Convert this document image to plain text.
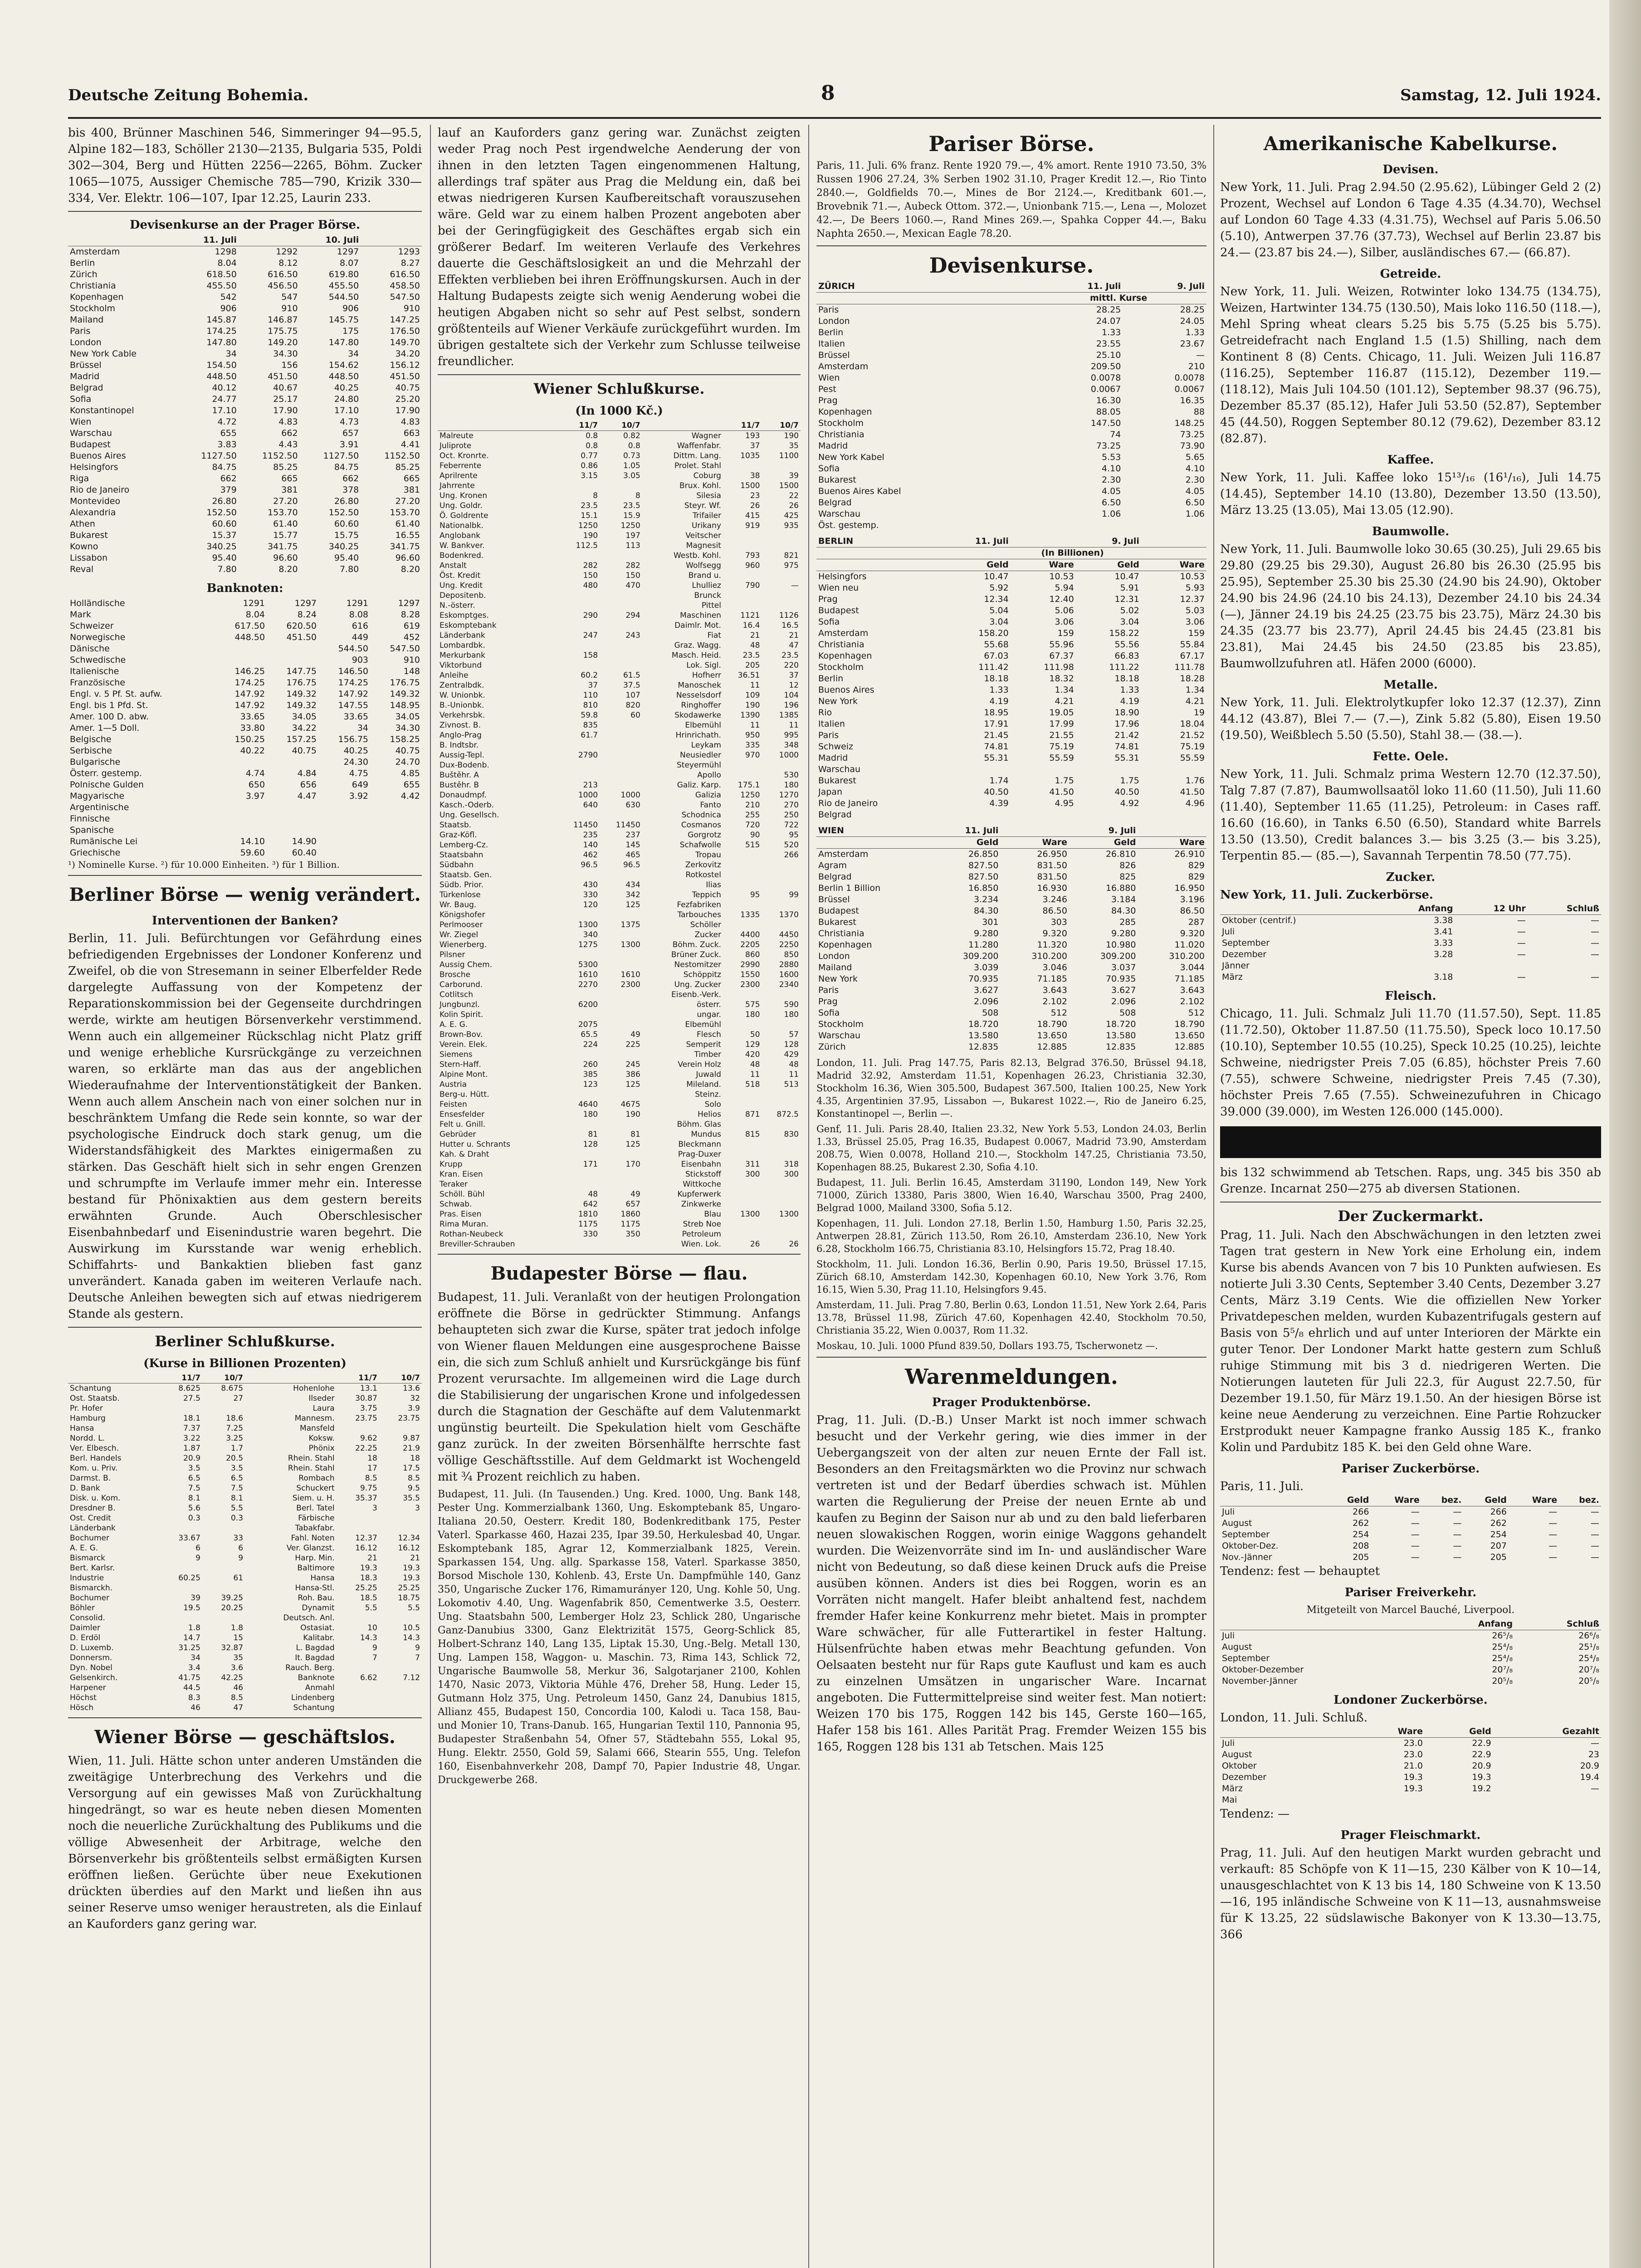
Deutsche Zeitung Bohemia.	8	Samstag, 12. Juli 1924.

bis 400, Brünner Maschinen 546, Simmeringer 94—95.5, Alpine 182—183, Schöller 2130—2135, Bulgaria 535, Poldi 302—304, Berg und Hütten 2256—2265, Böhm. Zucker 1065—1075, Aussiger Chemische 785—790, Krizik 330—334, Ver. Elektr. 106—107, Ipar 12.25, Laurin 233.

Devisenkurse an der Prager Börse.
	11. Juli		10. Juli	
Amsterdam	1298	1292	1297	1293
Berlin	8.04	8.12	8.07	8.27
Zürich	618.50	616.50	619.80	616.50
Christiania	455.50	456.50	455.50	458.50
Kopenhagen	542	547	544.50	547.50
Stockholm	906	910	906	910
Mailand	145.87	146.87	145.75	147.25
Paris	174.25	175.75	175	176.50
London	147.80	149.20	147.80	149.70
New York Cable	34	34.30	34	34.20
Brüssel	154.50	156	154.62	156.12
Madrid	448.50	451.50	448.50	451.50
Belgrad	40.12	40.67	40.25	40.75
Sofia	24.77	25.17	24.80	25.20
Konstantinopel	17.10	17.90	17.10	17.90
Wien	4.72	4.83	4.73	4.83
Warschau	655	662	657	663
Budapest	3.83	4.43	3.91	4.41
Buenos Aires	1127.50	1152.50	1127.50	1152.50
Helsingfors	84.75	85.25	84.75	85.25
Riga	662	665	662	665
Rio de Janeiro	379	381	378	381
Montevideo	26.80	27.20	26.80	27.20
Alexandria	152.50	153.70	152.50	153.70
Athen	60.60	61.40	60.60	61.40
Bukarest	15.37	15.77	15.75	16.55
Kowno	340.25	341.75	340.25	341.75
Lissabon	95.40	96.60	95.40	96.60
Reval	7.80	8.20	7.80	8.20
Banknoten:
Holländische	1291	1297	1291	1297
Mark	8.04	8.24	8.08	8.28
Schweizer	617.50	620.50	616	619
Norwegische	448.50	451.50	449	452
Dänische			544.50	547.50
Schwedische			903	910
Italienische	146.25	147.75	146.50	148
Französische	174.25	176.75	174.25	176.75
Engl. v. 5 Pf. St. aufw.	147.92	149.32	147.92	149.32
Engl. bis 1 Pfd. St.	147.92	149.32	147.55	148.95
Amer. 100 D. abw.	33.65	34.05	33.65	34.05
Amer. 1—5 Doll.	33.80	34.22	34	34.30
Belgische	150.25	157.25	156.75	158.25
Serbische	40.22	40.75	40.25	40.75
Bulgarische			24.30	24.70
Österr. gestemp.	4.74	4.84	4.75	4.85
Polnische Gulden	650	656	649	655
Magyarische	3.97	4.47	3.92	4.42
Argentinische				
Finnische				
Spanische				
Rumänische Lei	14.10	14.90		
Griechische	59.60	60.40		
¹) Nominelle Kurse. ²) für 10.000 Einheiten. ³) für 1 Billion.
Berliner Börse — wenig verändert.
Interventionen der Banken?

Berlin, 11. Juli. Befürchtungen vor Gefährdung eines befriedigenden Ergebnisses der Londoner Konferenz und Zweifel, ob die von Stresemann in seiner Elberfelder Rede dargelegte Auffassung von der Kompetenz der Reparationskommission bei der Gegenseite durchdringen werde, wirkte am heutigen Börsenverkehr verstimmend. Wenn auch ein allgemeiner Rückschlag nicht Platz griff und wenige erhebliche Kursrückgänge zu verzeichnen waren, so erklärte man das aus der angeblichen Wiederaufnahme der Interventionstätigkeit der Banken. Wenn auch allem Anschein nach von einer solchen nur in beschränktem Umfang die Rede sein konnte, so war der psychologische Eindruck doch stark genug, um die Widerstandsfähigkeit des Marktes einigermaßen zu stärken. Das Geschäft hielt sich in sehr engen Grenzen und schrumpfte im Verlaufe immer mehr ein. Interesse bestand für Phönixaktien aus dem gestern bereits erwähnten Grunde. Auch Oberschlesischer Eisenbahnbedarf und Eisenindustrie waren begehrt. Die Auswirkung im Kursstande war wenig erheblich. Schiffahrts- und Bankaktien blieben fast ganz unverändert. Kanada gaben im weiteren Verlaufe nach. Deutsche Anleihen bewegten sich auf etwas niedrigerem Stande als gestern.

Berliner Schlußkurse.
(Kurse in Billionen Prozenten)
	11/7	10/7		11/7	10/7
Schantung	8.625	8.675	Hohenlohe	13.1	13.6
Ost. Staatsb.	27.5	27	Ilseder	30.87	32
Pr. Hofer			Laura	3.75	3.9
Hamburg	18.1	18.6	Mannesm.	23.75	23.75
Hansa	7.37	7.25	Mansfeld		
Nordd. L.	3.22	3.25	Koksw.	9.62	9.87
Ver. Elbesch.	1.87	1.7	Phönix	22.25	21.9
Berl. Handels	20.9	20.5	Rhein. Stahl	18	18
Kom. u. Priv.	3.5	3.5	Rhein. Stahl	17	17.5
Darmst. B.	6.5	6.5	Rombach	8.5	8.5
D. Bank	7.5	7.5	Schuckert	9.75	9.5
Disk. u. Kom.	8.1	8.1	Siem. u. H.	35.37	35.5
Dresdner B.	5.6	5.5	Berl. Tatel	3	3
Ost. Credit	0.3	0.3	Färbische		
Länderbank			Tabakfabr.		
Bochumer	33.67	33	Fahl. Noten	12.37	12.34
A. E. G.	6	6	Ver. Glanzst.	16.12	16.12
Bismarck	9	9	Harp. Min.	21	21
Bert. Karlsr.			Baltimore	19.3	19.3
Industrie	60.25	61	Hansa	18.3	19.3
Bismarckh.			Hansa-Stl.	25.25	25.25
Bochumer	39	39.25	Roh. Bau.	18.5	18.75
Böhler	19.5	20.25	Dynamit	5.5	5.5
Consolid.			Deutsch. Anl.		
Daimler	1.8	1.8	Ostasiat.	10	10.5
D. Erdöl	14.7	15	Kalitabr.	14.3	14.3
D. Luxemb.	31.25	32.87	L. Bagdad	9	9
Donnersm.	34	35	It. Bagdad	7	7
Dyn. Nobel	3.4	3.6	Rauch. Berg.		
Gelsenkirch.	41.75	42.25	Banknote	6.62	7.12
Harpener	44.5	46	Anmahl		
Höchst	8.3	8.5	Lindenberg		
Hösch	46	47	Schantung		
Wiener Börse — geschäftslos.

Wien, 11. Juli. Hätte schon unter anderen Umständen die zweitägige Unterbrechung des Verkehrs und die Versorgung auf ein gewisses Maß von Zurückhaltung hingedrängt, so war es heute neben diesen Momenten noch die neuerliche Zurückhaltung des Publikums und die völlige Abwesenheit der Arbitrage, welche den Börsenverkehr bis größtenteils selbst ermäßigten Kursen eröffnen ließen. Gerüchte über neue Exekutionen drückten überdies auf den Markt und ließen ihn aus seiner Reserve umso weniger heraustreten, als die Einlauf an Kauforders ganz gering war.

lauf an Kauforders ganz gering war. Zunächst zeigten weder Prag noch Pest irgendwelche Aenderung der von ihnen in den letzten Tagen eingenommenen Haltung, allerdings traf später aus Prag die Meldung ein, daß bei etwas niedrigeren Kursen Kaufbereitschaft vorauszusehen wäre. Geld war zu einem halben Prozent angeboten aber bei der Geringfügigkeit des Geschäftes ergab sich ein größerer Bedarf. Im weiteren Verlaufe des Verkehres dauerte die Geschäftslosigkeit an und die Mehrzahl der Effekten verblieben bei ihren Eröffnungskursen. Auch in der Haltung Budapests zeigte sich wenig Aenderung wobei die heutigen Abgaben nicht so sehr auf Pest selbst, sondern größtenteils auf Wiener Verkäufe zurückgeführt wurden. Im übrigen gestaltete sich der Verkehr zum Schlusse teilweise freundlicher.

Wiener Schlußkurse.
(In 1000 Kč.)
	11/7	10/7		11/7	10/7
Malreute	0.8	0.82	Wagner	193	190
Juliprote	0.8	0.8	Waffenfabr.	37	35
Oct. Kronrte.	0.77	0.73	Dittm. Lang.	1035	1100
Feberrente	0.86	1.05	Prolet. Stahl		
Aprilrente	3.15	3.05	Coburg	38	39
Jahrrente			Brux. Kohl.	1500	1500
Ung. Kronen	8	8	Silesia	23	22
Ung. Goldr.	23.5	23.5	Steyr. Wf.	26	26
Ö. Goldrente	15.1	15.9	Trifailer	415	425
Nationalbk.	1250	1250	Urikany	919	935
Anglobank	190	197	Veitscher		
W. Bankver.	112.5	113	Magnesit		
Bodenkred.			Westb. Kohl.	793	821
Anstalt	282	282	Wolfsegg	960	975
Öst. Kredit	150	150	Brand u.		
Ung. Kredit	480	470	Lhulliez	790	—
Depositenb.			Brunck		
N.-österr.			Pittel		
Eskomptges.	290	294	Maschinen	1121	1126
Eskomptebank			Daimlr. Mot.	16.4	16.5
Länderbank	247	243	Fiat	21	21
Lombardbk.			Graz. Wagg.	48	47
Merkurbank	158		Masch. Heid.	23.5	23.5
Viktorbund			Lok. Sigl.	205	220
Anleihe	60.2	61.5	Hofherr	36.51	37
Zentralbdk.	37	37.5	Manoschek	11	12
W. Unionbk.	110	107	Nesselsdorf	109	104
B.-Unionbk.	810	820	Ringhoffer	190	196
Verkehrsbk.	59.8	60	Skodawerke	1390	1385
Zivnost. B.	835		Elbemühl	11	11
Anglo-Prag	61.7		Hrinrichath.	950	995
B. Indtsbr.			Leykam	335	348
Aussig-Tepl.	2790		Neusiedler	970	1000
Dux-Bodenb.			Steyermühl		
Buštěhr. A			Apollo		530
Bustěhr. B	213		Galiz. Karp.	175.1	180
Donaudmpf.	1000	1000	Galizia	1250	1270
Kasch.-Oderb.	640	630	Fanto	210	270
Ung. Gesellsch.			Schodnica	255	250
Staatsb.	11450	11450	Cosmanos	720	722
Graz-Köfl.	235	237	Gorgrotz	90	95
Lemberg-Cz.	140	145	Schafwolle	515	520
Staatsbahn	462	465	Tropau		266
Südbahn	96.5	96.5	Zerkovitz		
Staatsb. Gen.			Rotkostel		
Südb. Prior.	430	434	Ilias		
Türkenlose	330	342	Teppich	95	99
Wr. Baug.	120	125	Fezfabriken		
Königshofer			Tarbouches	1335	1370
Perlmooser	1300	1375	Schöller		
Wr. Ziegel	340		Zucker	4400	4450
Wienerberg.	1275	1300	Böhm. Zuck.	2205	2250
Pilsner			Brüner Zuck.	860	850
Aussig Chem.	5300		Nestomitzer	2990	2880
Brosche	1610	1610	Schöppitz	1550	1600
Carborund.	2270	2300	Ung. Zucker	2300	2340
Cotlitsch			Eisenb.-Verk.		
Jungbunzl.	6200		österr.	575	590
Kolin Spirit.			ungar.	180	180
A. E. G.	2075		Elbemühl		
Brown-Bov.	65.5	49	Flesch	50	57
Verein. Elek.	224	225	Semperit	129	128
Siemens			Timber	420	429
Stern-Haff.	260	245	Verein Holz	48	48
Alpine Mont.	385	386	Juwald	11	11
Austria	123	125	Mileland.	518	513
Berg-u. Hütt.			Steinz.		
Feisten	4640	4675	Solo		
Ensesfelder	180	190	Helios	871	872.5
Felt u. Gnill.			Böhm. Glas		
Gebrüder	81	81	Mundus	815	830
Hutter u. Schrants	128	125	Bleckmann		
Kah. & Draht			Prag-Duxer		
Krupp	171	170	Eisenbahn	311	318
Kran. Eisen			Stickstoff	300	300
Teraker			Wittkoche		
Schöll. Bühl	48	49	Kupferwerk		
Schwab.	642	657	Zinkwerke		
Pras. Eisen	1810	1860	Blau	1300	1300
Rima Muran.	1175	1175	Streb Noe		
Rothan-Neubeck	330	350	Petroleum		
Breviller-Schrauben			Wien. Lok.	26	26
Budapester Börse — flau.

Budapest, 11. Juli. Veranlaßt von der heutigen Prolongation eröffnete die Börse in gedrückter Stimmung. Anfangs behaupteten sich zwar die Kurse, später trat jedoch infolge von Wiener flauen Meldungen eine ausgesprochene Baisse ein, die sich zum Schluß anhielt und Kursrückgänge bis fünf Prozent verursachte. Im allgemeinen wird die Lage durch die Stabilisierung der ungarischen Krone und infolgedessen durch die Stagnation der Geschäfte auf dem Valutenmarkt ungünstig beurteilt. Die Spekulation hielt vom Geschäfte ganz zurück. In der zweiten Börsenhälfte herrschte fast völlige Geschäftsstille. Auf dem Geldmarkt ist Wochengeld mit ¾ Prozent reichlich zu haben.

Budapest, 11. Juli. (In Tausenden.) Ung. Kred. 1000, Ung. Bank 148, Pester Ung. Kommerzialbank 1360, Ung. Eskomptebank 85, Ungaro-Italiana 20.50, Oesterr. Kredit 180, Bodenkreditbank 175, Pester Vaterl. Sparkasse 460, Hazai 235, Ipar 39.50, Herkulesbad 40, Ungar. Eskomptebank 185, Agrar 12, Kommerzialbank 1825, Verein. Sparkassen 154, Ung. allg. Sparkasse 158, Vaterl. Sparkasse 3850, Borsod Mischole 130, Kohlenb. 43, Erste Un. Dampfmühle 140, Ganz 350, Ungarische Zucker 176, Rimamurányer 120, Ung. Kohle 50, Ung. Lokomotiv 4.40, Ung. Wagenfabrik 850, Cementwerke 3.5, Oesterr. Ung. Staatsbahn 500, Lemberger Holz 23, Schlick 280, Ungarische Ganz-Danubius 3300, Ganz Elektrizität 1575, Georg-Schlick 85, Holbert-Schranz 140, Lang 135, Liptak 15.30, Ung.-Belg. Metall 130, Ung. Lampen 158, Waggon- u. Maschin. 73, Rima 143, Schlick 72, Ungarische Baumwolle 58, Merkur 36, Salgotarjaner 2100, Kohlen 1470, Nasic 2073, Viktoria Mühle 476, Dreher 58, Hung. Leder 15, Gutmann Holz 375, Ung. Petroleum 1450, Ganz 24, Danubius 1815, Allianz 455, Budapest 150, Concordia 100, Kalodi u. Taca 158, Bau- und Monier 10, Trans-Danub. 165, Hungarian Textil 110, Pannonia 95, Budapester Straßenbahn 54, Ofner 57, Städtebahn 555, Lokal 95, Hung. Elektr. 2550, Gold 59, Salami 666, Stearin 555, Ung. Telefon 160, Eisenbahnverkehr 208, Dampf 70, Papier Industrie 48, Ungar. Druckgewerbe 268.

Pariser Börse.

Paris, 11. Juli. 6% franz. Rente 1920 79.—, 4% amort. Rente 1910 73.50, 3% Russen 1906 27.24, 3% Serben 1902 31.10, Prager Kredit 12.—, Rio Tinto 2840.—, Goldfields 70.—, Mines de Bor 2124.—, Kreditbank 601.—, Brovebnik 71.—, Aubeck Ottom. 372.—, Unionbank 715.—, Lena —, Molozet 42.—, De Beers 1060.—, Rand Mines 269.—, Spahka Copper 44.—, Baku Naphta 2650.—, Mexican Eagle 78.20.

Devisenkurse.
ZÜRICH	11. Juli	9. Juli
	mittl. Kurse	
Paris	28.25	28.25
London	24.07	24.05
Berlin	1.33	1.33
Italien	23.55	23.67
Brüssel	25.10	—
Amsterdam	209.50	210
Wien	0.0078	0.0078
Pest	0.0067	0.0067
Prag	16.30	16.35
Kopenhagen	88.05	88
Stockholm	147.50	148.25
Christiania	74	73.25
Madrid	73.25	73.90
New York Kabel	5.53	5.65
Sofia	4.10	4.10
Bukarest	2.30	2.30
Buenos Aires Kabel	4.05	4.05
Belgrad	6.50	6.50
Warschau	1.06	1.06
Öst. gestemp.		
BERLIN	11. Juli		9. Juli	
	(In Billionen)			
	Geld	Ware	Geld	Ware
Helsingfors	10.47	10.53	10.47	10.53
Wien neu	5.92	5.94	5.91	5.93
Prag	12.34	12.40	12.31	12.37
Budapest	5.04	5.06	5.02	5.03
Sofia	3.04	3.06	3.04	3.06
Amsterdam	158.20	159	158.22	159
Christiania	55.68	55.96	55.56	55.84
Kopenhagen	67.03	67.37	66.83	67.17
Stockholm	111.42	111.98	111.22	111.78
Berlin	18.18	18.32	18.18	18.28
Buenos Aires	1.33	1.34	1.33	1.34
New York	4.19	4.21	4.19	4.21
Rio	18.95	19.05	18.90	19
Italien	17.91	17.99	17.96	18.04
Paris	21.45	21.55	21.42	21.52
Schweiz	74.81	75.19	74.81	75.19
Madrid	55.31	55.59	55.31	55.59
Warschau				
Bukarest	1.74	1.75	1.75	1.76
Japan	40.50	41.50	40.50	41.50
Rio de Janeiro	4.39	4.95	4.92	4.96
Belgrad				
WIEN	11. Juli		9. Juli	
	Geld	Ware	Geld	Ware
Amsterdam	26.850	26.950	26.810	26.910
Agram	827.50	831.50	826	829
Belgrad	827.50	831.50	825	829
Berlin 1 Billion	16.850	16.930	16.880	16.950
Brüssel	3.234	3.246	3.184	3.196
Budapest	84.30	86.50	84.30	86.50
Bukarest	301	303	285	287
Christiania	9.280	9.320	9.280	9.320
Kopenhagen	11.280	11.320	10.980	11.020
London	309.200	310.200	309.200	310.200
Mailand	3.039	3.046	3.037	3.044
New York	70.935	71.185	70.935	71.185
Paris	3.627	3.643	3.627	3.643
Prag	2.096	2.102	2.096	2.102
Sofia	508	512	508	512
Stockholm	18.720	18.790	18.720	18.790
Warschau	13.580	13.650	13.580	13.650
Zürich	12.835	12.885	12.835	12.885

London, 11. Juli. Prag 147.75, Paris 82.13, Belgrad 376.50, Brüssel 94.18, Madrid 32.92, Amsterdam 11.51, Kopenhagen 26.23, Christiania 32.30, Stockholm 16.36, Wien 305.500, Budapest 367.500, Italien 100.25, New York 4.35, Argentinien 37.95, Lissabon —, Bukarest 1022.—, Rio de Janeiro 6.25, Konstantinopel —, Berlin —.

Genf, 11. Juli. Paris 28.40, Italien 23.32, New York 5.53, London 24.03, Berlin 1.33, Brüssel 25.05, Prag 16.35, Budapest 0.0067, Madrid 73.90, Amsterdam 208.75, Wien 0.0078, Holland 210.—, Stockholm 147.25, Christiania 73.50, Kopenhagen 88.25, Bukarest 2.30, Sofia 4.10.

Budapest, 11. Juli. Berlin 16.45, Amsterdam 31190, London 149, New York 71000, Zürich 13380, Paris 3800, Wien 16.40, Warschau 3500, Prag 2400, Belgrad 1000, Mailand 3300, Sofia 5.12.

Kopenhagen, 11. Juli. London 27.18, Berlin 1.50, Hamburg 1.50, Paris 32.25, Antwerpen 28.81, Zürich 113.50, Rom 26.10, Amsterdam 236.10, New York 6.28, Stockholm 166.75, Christiania 83.10, Helsingfors 15.72, Prag 18.40.

Stockholm, 11. Juli. London 16.36, Berlin 0.90, Paris 19.50, Brüssel 17.15, Zürich 68.10, Amsterdam 142.30, Kopenhagen 60.10, New York 3.76, Rom 16.15, Wien 5.30, Prag 11.10, Helsingfors 9.45.

Amsterdam, 11. Juli. Prag 7.80, Berlin 0.63, London 11.51, New York 2.64, Paris 13.78, Brüssel 11.98, Zürich 47.60, Kopenhagen 42.40, Stockholm 70.50, Christiania 35.22, Wien 0.0037, Rom 11.32.

Moskau, 10. Juli. 1000 Pfund 839.50, Dollars 193.75, Tscherwonetz —.

Warenmeldungen.
Prager Produktenbörse.

Prag, 11. Juli. (D.-B.) Unser Markt ist noch immer schwach besucht und der Verkehr gering, wie dies immer in der Uebergangszeit von der alten zur neuen Ernte der Fall ist. Besonders an den Freitagsmärkten wo die Provinz nur schwach vertreten ist und der Bedarf überdies schwach ist. Mühlen warten die Regulierung der Preise der neuen Ernte ab und kaufen zu Beginn der Saison nur ab und zu den bald lieferbaren neuen slowakischen Roggen, worin einige Waggons gehandelt wurden. Die Weizenvorräte sind im In- und ausländischer Ware nicht von Bedeutung, so daß diese keinen Druck aufs die Preise ausüben können. Anders ist dies bei Roggen, worin es an Vorräten nicht mangelt. Hafer bleibt anhaltend fest, nachdem fremder Hafer keine Konkurrenz mehr bietet. Mais in prompter Ware schwächer, für alle Futterartikel in fester Haltung. Hülsenfrüchte haben etwas mehr Beachtung gefunden. Von Oelsaaten besteht nur für Raps gute Kauflust und kam es auch zu einzelnen Umsätzen in ungarischer Ware. Incarnat angeboten. Die Futtermittelpreise sind weiter fest. Man notiert: Weizen 170 bis 175, Roggen 142 bis 145, Gerste 160—165, Hafer 158 bis 161. Alles Parität Prag. Fremder Weizen 155 bis 165, Roggen 128 bis 131 ab Tetschen. Mais 125

Amerikanische Kabelkurse.
Devisen.

New York, 11. Juli. Prag 2.94.50 (2.95.62), Lübinger Geld 2 (2) Prozent, Wechsel auf London 6 Tage 4.35 (4.34.70), Wechsel auf London 60 Tage 4.33 (4.31.75), Wechsel auf Paris 5.06.50 (5.10), Antwerpen 37.76 (37.73), Wechsel auf Berlin 23.87 bis 24.— (23.87 bis 24.—), Silber, ausländisches 67.— (66.87).

Getreide.

New York, 11. Juli. Weizen, Rotwinter loko 134.75 (134.75), Weizen, Hartwinter 134.75 (130.50), Mais loko 116.50 (118.—), Mehl Spring wheat clears 5.25 bis 5.75 (5.25 bis 5.75). Getreidefracht nach England 1.5 (1.5) Shilling, nach dem Kontinent 8 (8) Cents. Chicago, 11. Juli. Weizen Juli 116.87 (116.25), September 116.87 (115.12), Dezember 119.— (118.12), Mais Juli 104.50 (101.12), September 98.37 (96.75), Dezember 85.37 (85.12), Hafer Juli 53.50 (52.87), September 45 (44.50), Roggen September 80.12 (79.62), Dezember 83.12 (82.87).

Kaffee.

New York, 11. Juli. Kaffee loko 15¹³/₁₆ (16¹/₁₆), Juli 14.75 (14.45), September 14.10 (13.80), Dezember 13.50 (13.50), März 13.25 (13.05), Mai 13.05 (12.90).

Baumwolle.

New York, 11. Juli. Baumwolle loko 30.65 (30.25), Juli 29.65 bis 29.80 (29.25 bis 29.30), August 26.80 bis 26.30 (25.95 bis 25.95), September 25.30 bis 25.30 (24.90 bis 24.90), Oktober 24.90 bis 24.96 (24.10 bis 24.13), Dezember 24.10 bis 24.34 (—), Jänner 24.19 bis 24.25 (23.75 bis 23.75), März 24.30 bis 24.35 (23.77 bis 23.77), April 24.45 bis 24.45 (23.81 bis 23.81), Mai 24.45 bis 24.50 (23.85 bis 23.85), Baumwollzufuhren atl. Häfen 2000 (6000).

Metalle.

New York, 11. Juli. Elektrolytkupfer loko 12.37 (12.37), Zinn 44.12 (43.87), Blei 7.— (7.—), Zink 5.82 (5.80), Eisen 19.50 (19.50), Weißblech 5.50 (5.50), Stahl 38.— (38.—).

Fette. Oele.

New York, 11. Juli. Schmalz prima Western 12.70 (12.37.50), Talg 7.87 (7.87), Baumwollsaatöl loko 11.60 (11.50), Juli 11.60 (11.40), September 11.65 (11.25), Petroleum: in Cases raff. 16.60 (16.60), in Tanks 6.50 (6.50), Standard white Barrels 13.50 (13.50), Credit balances 3.— bis 3.25 (3.— bis 3.25), Terpentin 85.— (85.—), Savannah Terpentin 78.50 (77.75).

Zucker.
New York, 11. Juli. Zuckerbörse.
	Anfang	12 Uhr	Schluß
Oktober (centrif.)	3.38	—	—
Juli	3.41	—	—
September	3.33	—	—
Dezember	3.28	—	—
Jänner			
März	3.18	—	—
Fleisch.

Chicago, 11. Juli. Schmalz Juli 11.70 (11.57.50), Sept. 11.85 (11.72.50), Oktober 11.87.50 (11.75.50), Speck loco 10.17.50 (10.10), September 10.55 (10.25), Speck 10.25 (10.25), leichte Schweine, niedrigster Preis 7.05 (6.85), höchster Preis 7.60 (7.55), schwere Schweine, niedrigster Preis 7.45 (7.30), höchster Preis 7.65 (7.55). Schweinezufuhren in Chicago 39.000 (39.000), im Westen 126.000 (145.000).

bis 132 schwimmend ab Tetschen. Raps, ung. 345 bis 350 ab Grenze. Incarnat 250—275 ab diversen Stationen.

Der Zuckermarkt.

Prag, 11. Juli. Nach den Abschwächungen in den letzten zwei Tagen trat gestern in New York eine Erholung ein, indem Kurse bis abends Avancen von 7 bis 10 Punkten aufwiesen. Es notierte Juli 3.30 Cents, September 3.40 Cents, Dezember 3.27 Cents, März 3.19 Cents. Wie die offiziellen New Yorker Privatdepeschen melden, wurden Kubazentrifugals gestern auf Basis von 5⁵/₈ ehrlich und auf unter Interioren der Märkte ein guter Tenor. Der Londoner Markt hatte gestern zum Schluß ruhige Stimmung mit bis 3 d. niedrigeren Werten. Die Notierungen lauteten für Juli 22.3, für August 22.7.50, für Dezember 19.1.50, für März 19.1.50. An der hiesigen Börse ist keine neue Aenderung zu verzeichnen. Eine Partie Rohzucker Erstprodukt neuer Kampagne franko Aussig 185 K., franko Kolin und Pardubitz 185 K. bei den Geld ohne Ware.

Pariser Zuckerbörse.
Paris, 11. Juli.
	Geld	Ware	bez.	Geld	Ware	bez.
Juli	266	—	—	266	—	—
August	262	—	—	262	—	—
September	254	—	—	254	—	—
Oktober-Dez.	208	—	—	207	—	—
Nov.-Jänner	205	—	—	205	—	—
Tendenz: fest — behauptet
Pariser Freiverkehr.
Mitgeteilt von Marcel Bauché, Liverpool.
	Anfang	Schluß
Juli	26⁵/₈	26⁶/₈
August	25⁴/₈	25¹/₈
September	25⁴/₈	25⁴/₈
Oktober-Dezember	20⁷/₈	20⁷/₈
November-Jänner	20⁵/₈	20⁵/₈
Londoner Zuckerbörse.
London, 11. Juli. Schluß.
	Ware	Geld	Gezahlt
Juli	23.0	22.9	—
August	23.0	22.9	23
Oktober	21.0	20.9	20.9
Dezember	19.3	19.3	19.4
März	19.3	19.2	—
Mai			
Tendenz: —
Prager Fleischmarkt.

Prag, 11. Juli. Auf den heutigen Markt wurden gebracht und verkauft: 85 Schöpfe von K 11—15, 230 Kälber von K 10—14, unausgeschlachtet von K 13 bis 14, 180 Schweine von K 13.50—16, 195 inländische Schweine von K 11—13, ausnahmsweise für K 13.25, 22 südslawische Bakonyer von K 13.30—13.75, 366
